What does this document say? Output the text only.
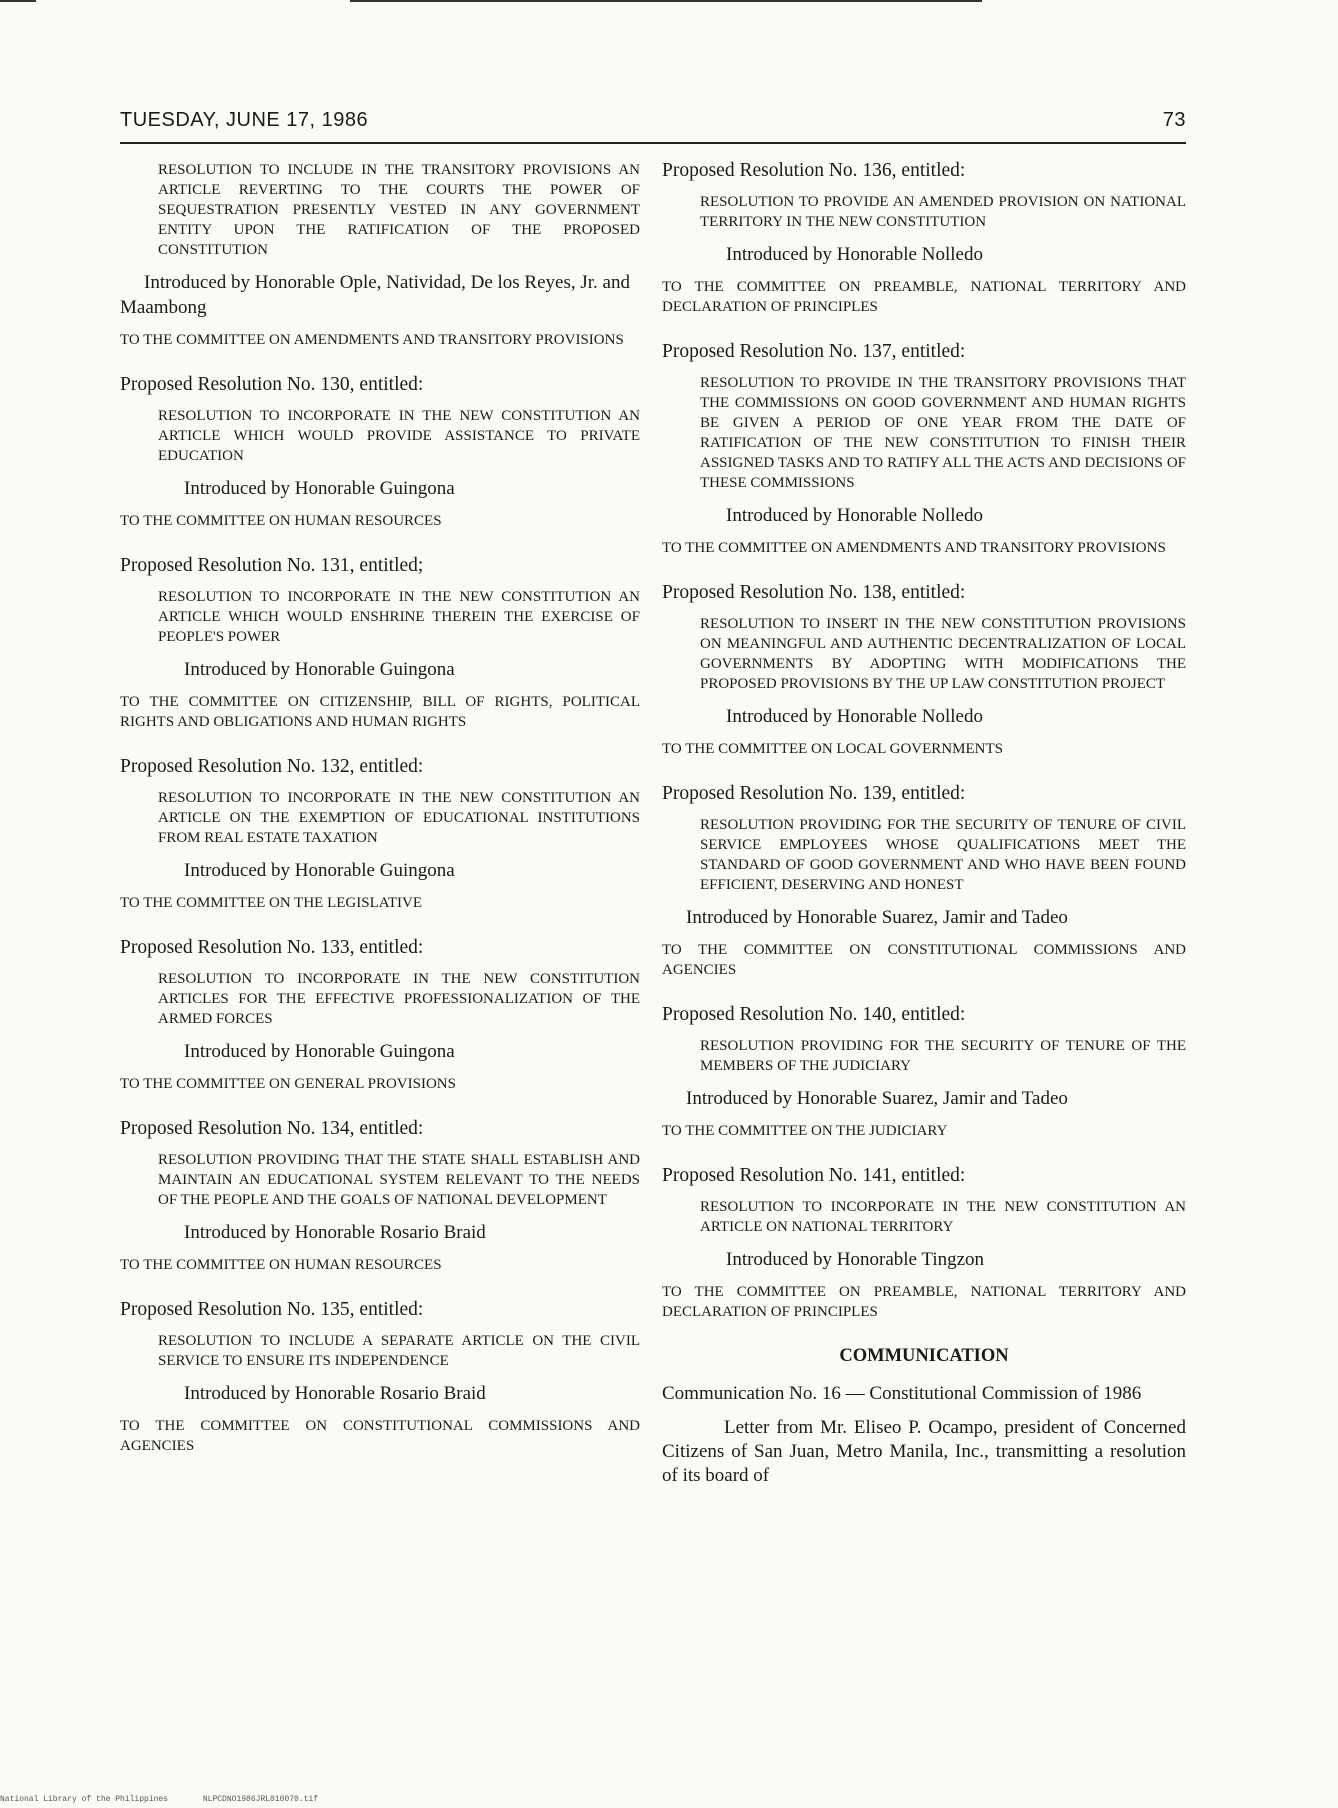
TUESDAY, JUNE 17, 1986	73

RESOLUTION TO INCLUDE IN THE TRANSITORY PROVISIONS AN ARTICLE REVERTING TO THE COURTS THE POWER OF SEQUESTRATION PRESENTLY VESTED IN ANY GOVERNMENT ENTITY UPON THE RATIFICATION OF THE PROPOSED CONSTITUTION

Introduced by Honorable Ople, Natividad, De los Reyes, Jr. and Maambong

TO THE COMMITTEE ON AMENDMENTS AND TRANSITORY PROVISIONS

Proposed Resolution No. 130, entitled:

RESOLUTION TO INCORPORATE IN THE NEW CONSTITUTION AN ARTICLE WHICH WOULD PROVIDE ASSISTANCE TO PRIVATE EDUCATION

Introduced by Honorable Guingona

TO THE COMMITTEE ON HUMAN RESOURCES

Proposed Resolution No. 131, entitled;

RESOLUTION TO INCORPORATE IN THE NEW CONSTITUTION AN ARTICLE WHICH WOULD ENSHRINE THEREIN THE EXERCISE OF PEOPLE'S POWER

Introduced by Honorable Guingona

TO THE COMMITTEE ON CITIZENSHIP, BILL OF RIGHTS, POLITICAL RIGHTS AND OBLIGATIONS AND HUMAN RIGHTS

Proposed Resolution No. 132, entitled:

RESOLUTION TO INCORPORATE IN THE NEW CONSTITUTION AN ARTICLE ON THE EXEMPTION OF EDUCATIONAL INSTITUTIONS FROM REAL ESTATE TAXATION

Introduced by Honorable Guingona

TO THE COMMITTEE ON THE LEGISLATIVE

Proposed Resolution No. 133, entitled:

RESOLUTION TO INCORPORATE IN THE NEW CONSTITUTION ARTICLES FOR THE EFFECTIVE PROFESSIONALIZATION OF THE ARMED FORCES

Introduced by Honorable Guingona

TO THE COMMITTEE ON GENERAL PROVISIONS

Proposed Resolution No. 134, entitled:

RESOLUTION PROVIDING THAT THE STATE SHALL ESTABLISH AND MAINTAIN AN EDUCATIONAL SYSTEM RELEVANT TO THE NEEDS OF THE PEOPLE AND THE GOALS OF NATIONAL DEVELOPMENT

Introduced by Honorable Rosario Braid

TO THE COMMITTEE ON HUMAN RESOURCES

Proposed Resolution No. 135, entitled:

RESOLUTION TO INCLUDE A SEPARATE ARTICLE ON THE CIVIL SERVICE TO ENSURE ITS INDEPENDENCE

Introduced by Honorable Rosario Braid

TO THE COMMITTEE ON CONSTITUTIONAL COMMISSIONS AND AGENCIES

Proposed Resolution No. 136, entitled:

RESOLUTION TO PROVIDE AN AMENDED PROVISION ON NATIONAL TERRITORY IN THE NEW CONSTITUTION

Introduced by Honorable Nolledo

TO THE COMMITTEE ON PREAMBLE, NATIONAL TERRITORY AND DECLARATION OF PRINCIPLES

Proposed Resolution No. 137, entitled:

RESOLUTION TO PROVIDE IN THE TRANSITORY PROVISIONS THAT THE COMMISSIONS ON GOOD GOVERNMENT AND HUMAN RIGHTS BE GIVEN A PERIOD OF ONE YEAR FROM THE DATE OF RATIFICATION OF THE NEW CONSTITUTION TO FINISH THEIR ASSIGNED TASKS AND TO RATIFY ALL THE ACTS AND DECISIONS OF THESE COMMISSIONS

Introduced by Honorable Nolledo

TO THE COMMITTEE ON AMENDMENTS AND TRANSITORY PROVISIONS

Proposed Resolution No. 138, entitled:

RESOLUTION TO INSERT IN THE NEW CONSTITUTION PROVISIONS ON MEANINGFUL AND AUTHENTIC DECENTRALIZATION OF LOCAL GOVERNMENTS BY ADOPTING WITH MODIFICATIONS THE PROPOSED PROVISIONS BY THE UP LAW CONSTITUTION PROJECT

Introduced by Honorable Nolledo

TO THE COMMITTEE ON LOCAL GOVERNMENTS

Proposed Resolution No. 139, entitled:

RESOLUTION PROVIDING FOR THE SECURITY OF TENURE OF CIVIL SERVICE EMPLOYEES WHOSE QUALIFICATIONS MEET THE STANDARD OF GOOD GOVERNMENT AND WHO HAVE BEEN FOUND EFFICIENT, DESERVING AND HONEST

Introduced by Honorable Suarez, Jamir and Tadeo

TO THE COMMITTEE ON CONSTITUTIONAL COMMISSIONS AND AGENCIES

Proposed Resolution No. 140, entitled:

RESOLUTION PROVIDING FOR THE SECURITY OF TENURE OF THE MEMBERS OF THE JUDICIARY

Introduced by Honorable Suarez, Jamir and Tadeo

TO THE COMMITTEE ON THE JUDICIARY

Proposed Resolution No. 141, entitled:

RESOLUTION TO INCORPORATE IN THE NEW CONSTITUTION AN ARTICLE ON NATIONAL TERRITORY

Introduced by Honorable Tingzon

TO THE COMMITTEE ON PREAMBLE, NATIONAL TERRITORY AND DECLARATION OF PRINCIPLES

COMMUNICATION

Communication No. 16 — Constitutional Commission of 1986

Letter from Mr. Eliseo P. Ocampo, president of Concerned Citizens of San Juan, Metro Manila, Inc., transmitting a resolution of its board of

National Library of the Philippines	NLPCDNO1986JRL010070.tif
